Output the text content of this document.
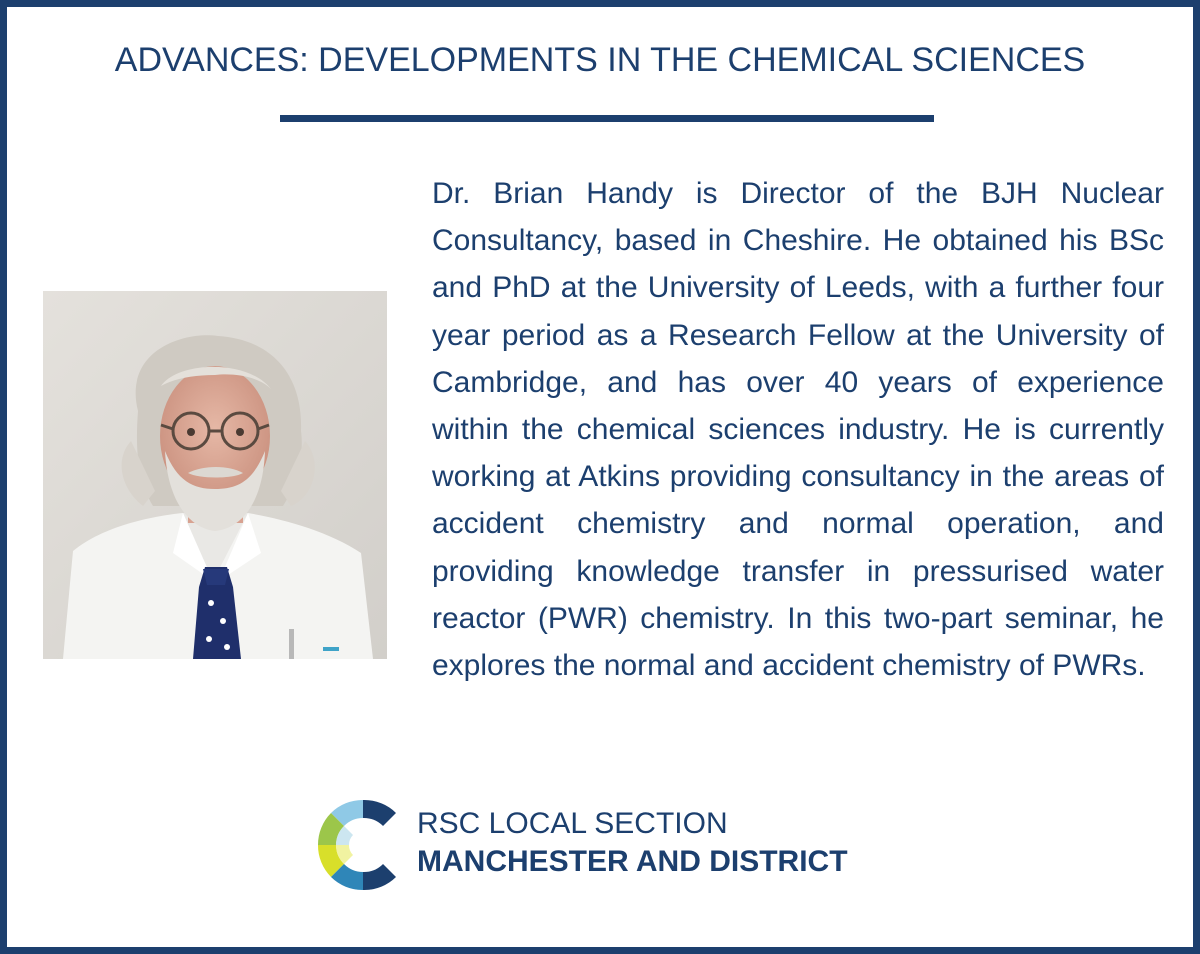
ADVANCES: DEVELOPMENTS IN THE CHEMICAL SCIENCES

Dr. Brian Handy is Director of the BJH Nuclear Consultancy, based in Cheshire. He obtained his BSc and PhD at the University of Leeds, with a further four year period as a Research Fellow at the University of Cambridge, and has over 40 years of experience within the chemical sciences industry. He is currently working at Atkins providing consultancy in the areas of accident chemistry and normal operation, and providing knowledge transfer in pressurised water reactor (PWR) chemistry. In this two-part seminar, he explores the normal and accident chemistry of PWRs.

RSC LOCAL SECTION
MANCHESTER AND DISTRICT
